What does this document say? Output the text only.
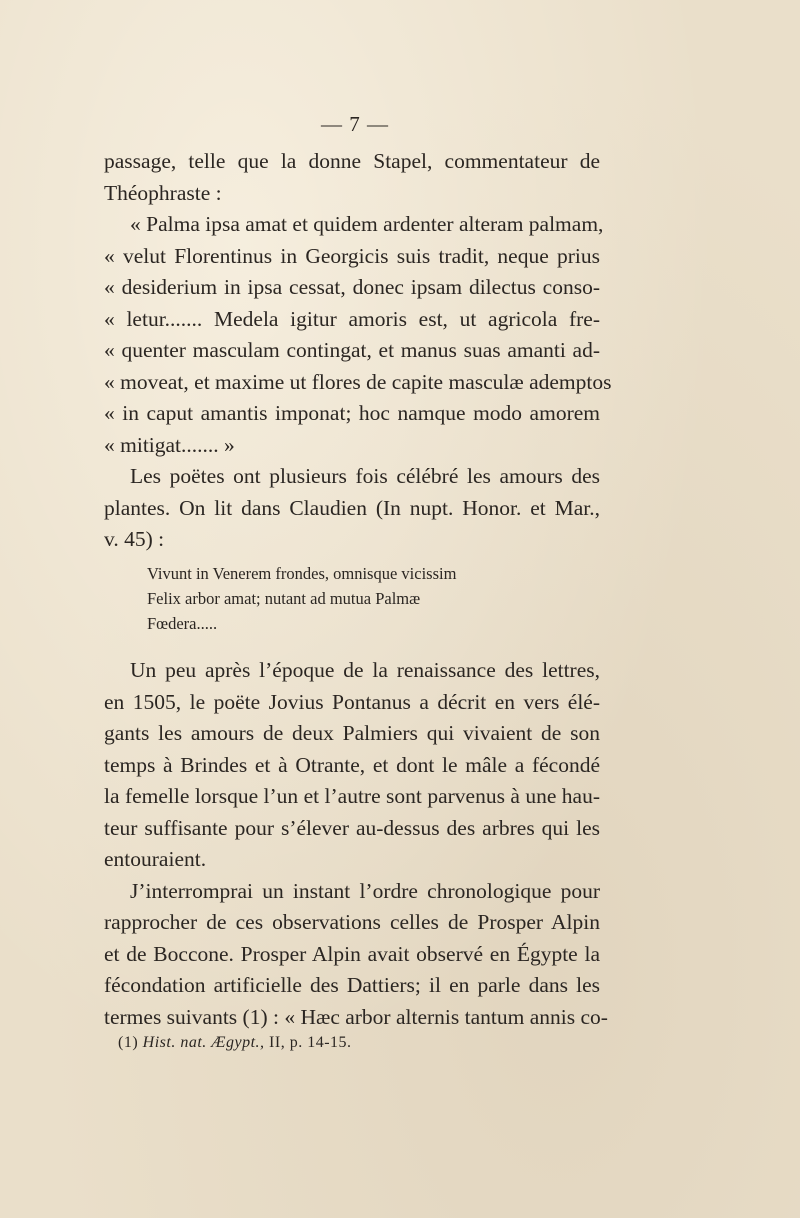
— 7 —
passage, telle que la donne Stapel, commentateur de
Théophraste :
« Palma ipsa amat et quidem ardenter alteram palmam,
« velut Florentinus in Georgicis suis tradit, neque prius
« desiderium in ipsa cessat, donec ipsam dilectus conso-
« letur....... Medela igitur amoris est, ut agricola fre-
« quenter masculam contingat, et manus suas amanti ad-
« moveat, et maxime ut flores de capite masculæ ademptos
« in caput amantis imponat; hoc namque modo amorem
« mitigat....... »
Les poëtes ont plusieurs fois célébré les amours des
plantes. On lit dans Claudien (In nupt. Honor. et Mar.,
v. 45) :
Vivunt in Venerem frondes, omnisque vicissim
Felix arbor amat; nutant ad mutua Palmæ
Fœdera.....
Un peu après l’époque de la renaissance des lettres,
en 1505, le poëte Jovius Pontanus a décrit en vers élé-
gants les amours de deux Palmiers qui vivaient de son
temps à Brindes et à Otrante, et dont le mâle a fécondé
la femelle lorsque l’un et l’autre sont parvenus à une hau-
teur suffisante pour s’élever au-dessus des arbres qui les
entouraient.
J’interromprai un instant l’ordre chronologique pour
rapprocher de ces observations celles de Prosper Alpin
et de Boccone. Prosper Alpin avait observé en Égypte la
fécondation artificielle des Dattiers; il en parle dans les
termes suivants (1) : « Hæc arbor alternis tantum annis co-
(1) Hist. nat. Ægypt., II, p. 14-15.
